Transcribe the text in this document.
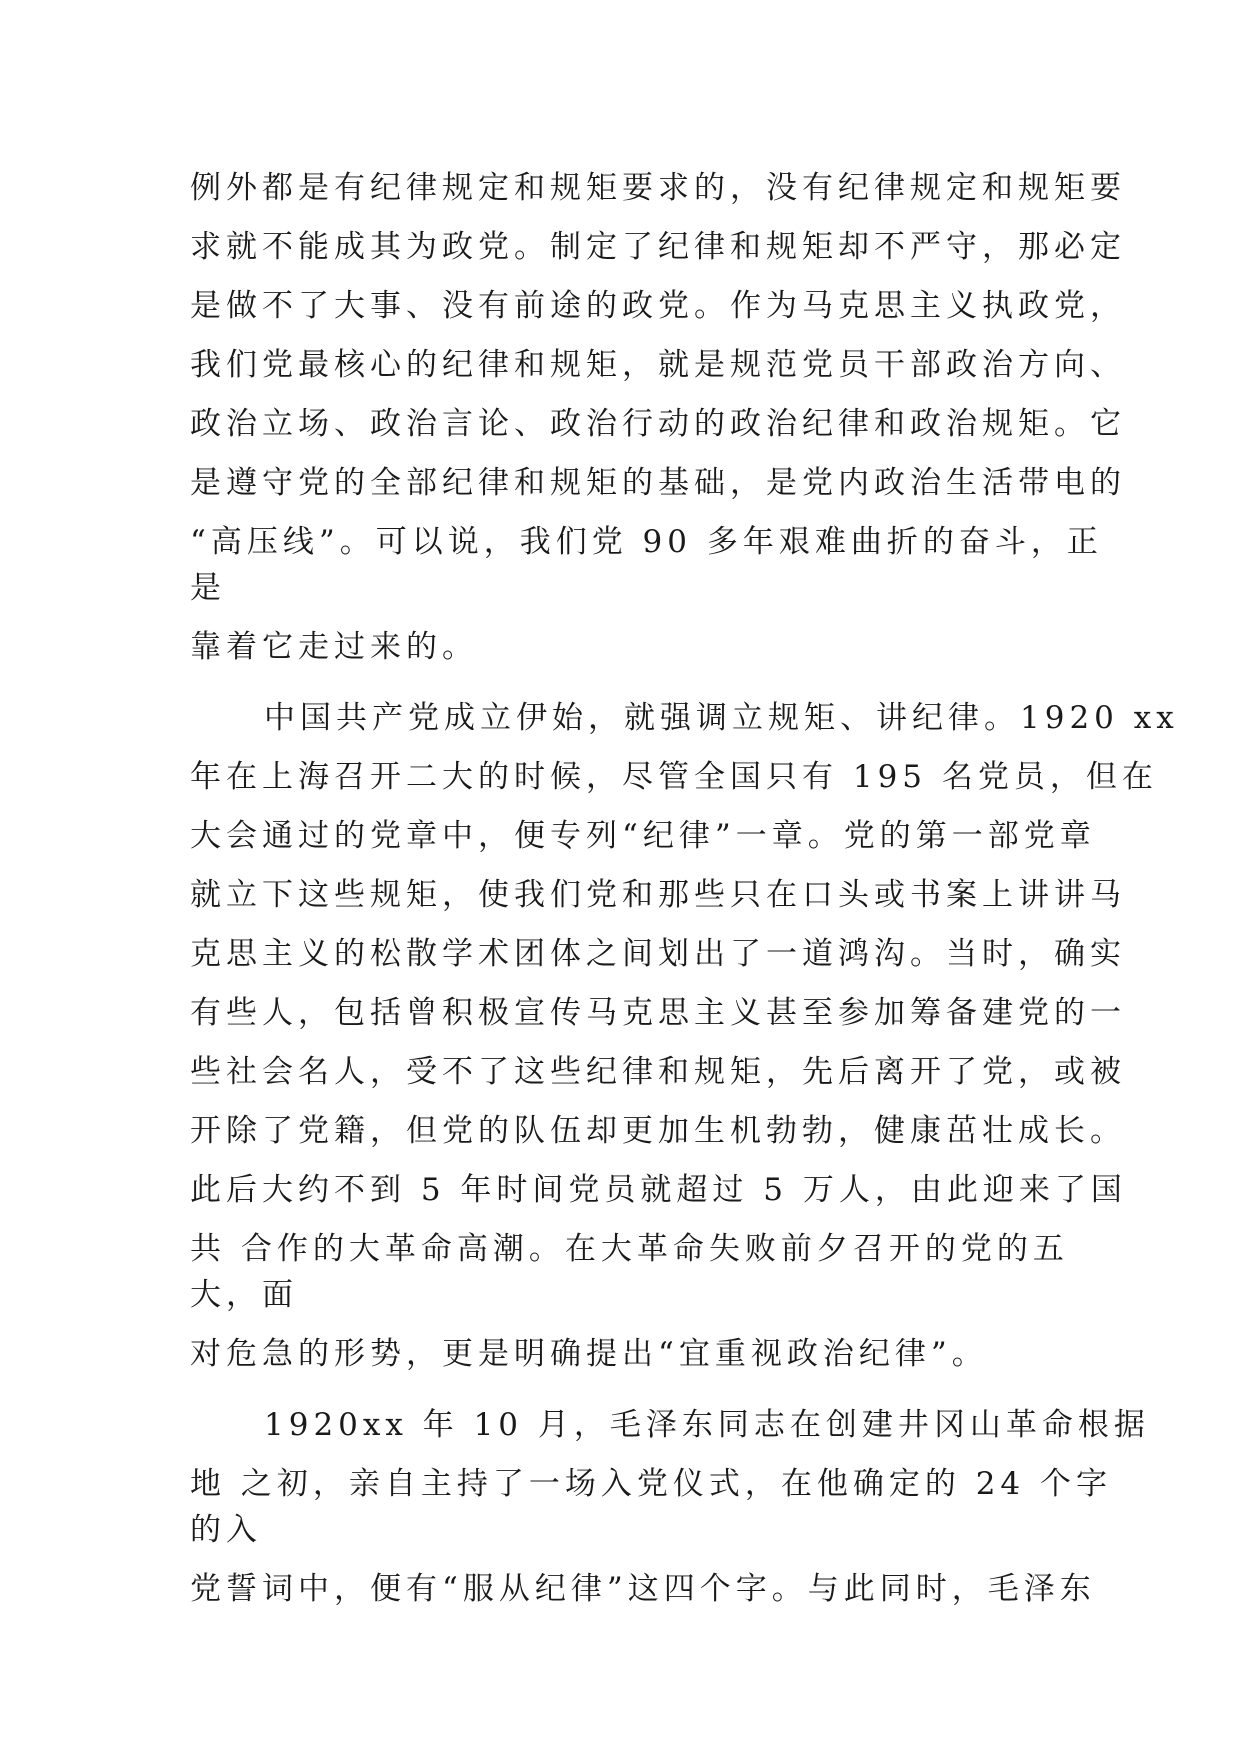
例外都是有纪律规定和规矩要求的，没有纪律规定和规矩要
求就不能成其为政党。制定了纪律和规矩却不严守，那必定
是做不了大事、没有前途的政党。作为马克思主义执政党，
我们党最核心的纪律和规矩，就是规范党员干部政治方向、
政治立场、政治言论、政治行动的政治纪律和政治规矩。它
是遵守党的全部纪律和规矩的基础，是党内政治生活带电的
“高压线”。可以说，我们党 90 多年艰难曲折的奋斗，正
是
靠着它走过来的。
中国共产党成立伊始，就强调立规矩、讲纪律。1920 xx
年在上海召开二大的时候，尽管全国只有 195 名党员，但在
大会通过的党章中，便专列“纪律”一章。党的第一部党章
就立下这些规矩，使我们党和那些只在口头或书案上讲讲马
克思主义的松散学术团体之间划出了一道鸿沟。当时，确实
有些人，包括曾积极宣传马克思主义甚至参加筹备建党的一
些社会名人，受不了这些纪律和规矩，先后离开了党，或被
开除了党籍，但党的队伍却更加生机勃勃，健康茁壮成长。
此后大约不到 5 年时间党员就超过 5 万人，由此迎来了国
共 合作的大革命高潮。在大革命失败前夕召开的党的五
大，面
对危急的形势，更是明确提出“宜重视政治纪律”。
1920xx 年 10 月，毛泽东同志在创建井冈山革命根据
地 之初，亲自主持了一场入党仪式，在他确定的 24 个字
的入
党誓词中，便有“服从纪律”这四个字。与此同时，毛泽东
